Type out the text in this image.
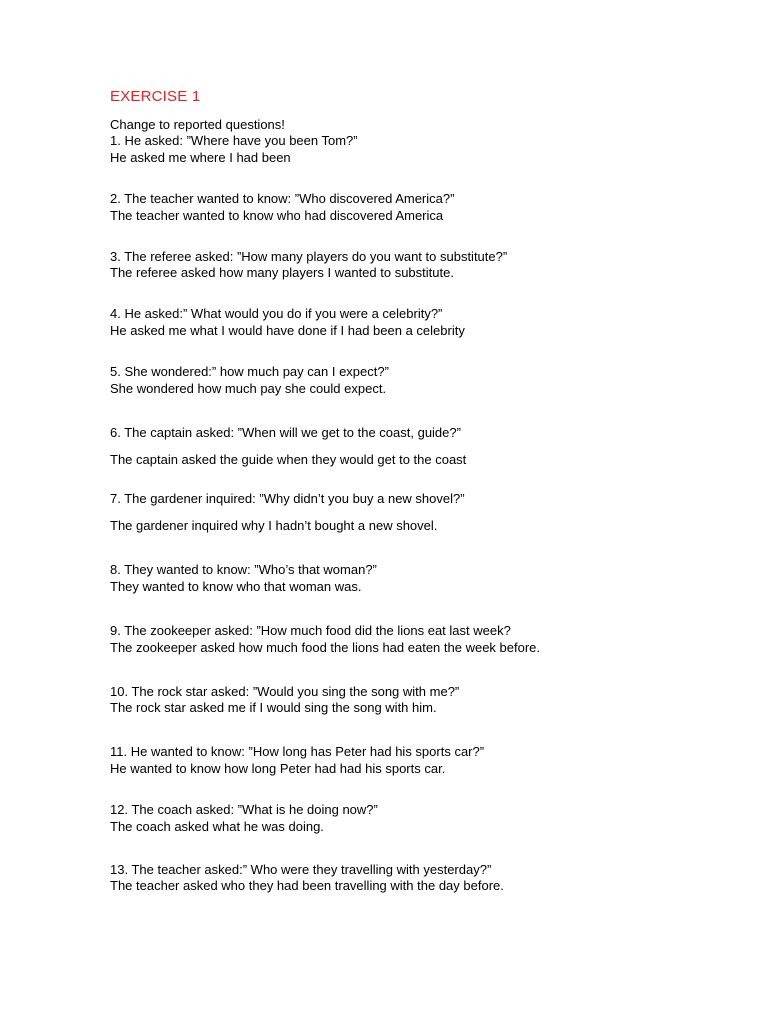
EXERCISE 1
Change to reported questions!
1. He asked: ”Where have you been Tom?”
He asked me where I had been
2. The teacher wanted to know: ”Who discovered America?”
The teacher wanted to know who had discovered America
3. The referee asked: ”How many players do you want to substitute?”
The referee asked how many players I wanted to substitute.
4. He asked:” What would you do if you were a celebrity?”
He asked me what I would have done if I had been a celebrity
5. She wondered:” how much pay can I expect?”
She wondered how much pay she could expect.
6. The captain asked: ”When will we get to the coast, guide?”
The captain asked the guide when they would get to the coast
7. The gardener inquired: ”Why didn’t you buy a new shovel?”
The gardener inquired why I hadn’t bought a new shovel.
8. They wanted to know: ”Who’s that woman?”
They wanted to know who that woman was.
9. The zookeeper asked: ”How much food did the lions eat last week?
The zookeeper asked how much food the lions had eaten the week before.
10. The rock star asked: ”Would you sing the song with me?”
The rock star asked me if I would sing the song with him.
11. He wanted to know: ”How long has Peter had his sports car?”
He wanted to know how long Peter had had his sports car.
12. The coach asked: ”What is he doing now?”
The coach asked what he was doing.
13. The teacher asked:” Who were they travelling with yesterday?”
The teacher asked who they had been travelling with the day before.
